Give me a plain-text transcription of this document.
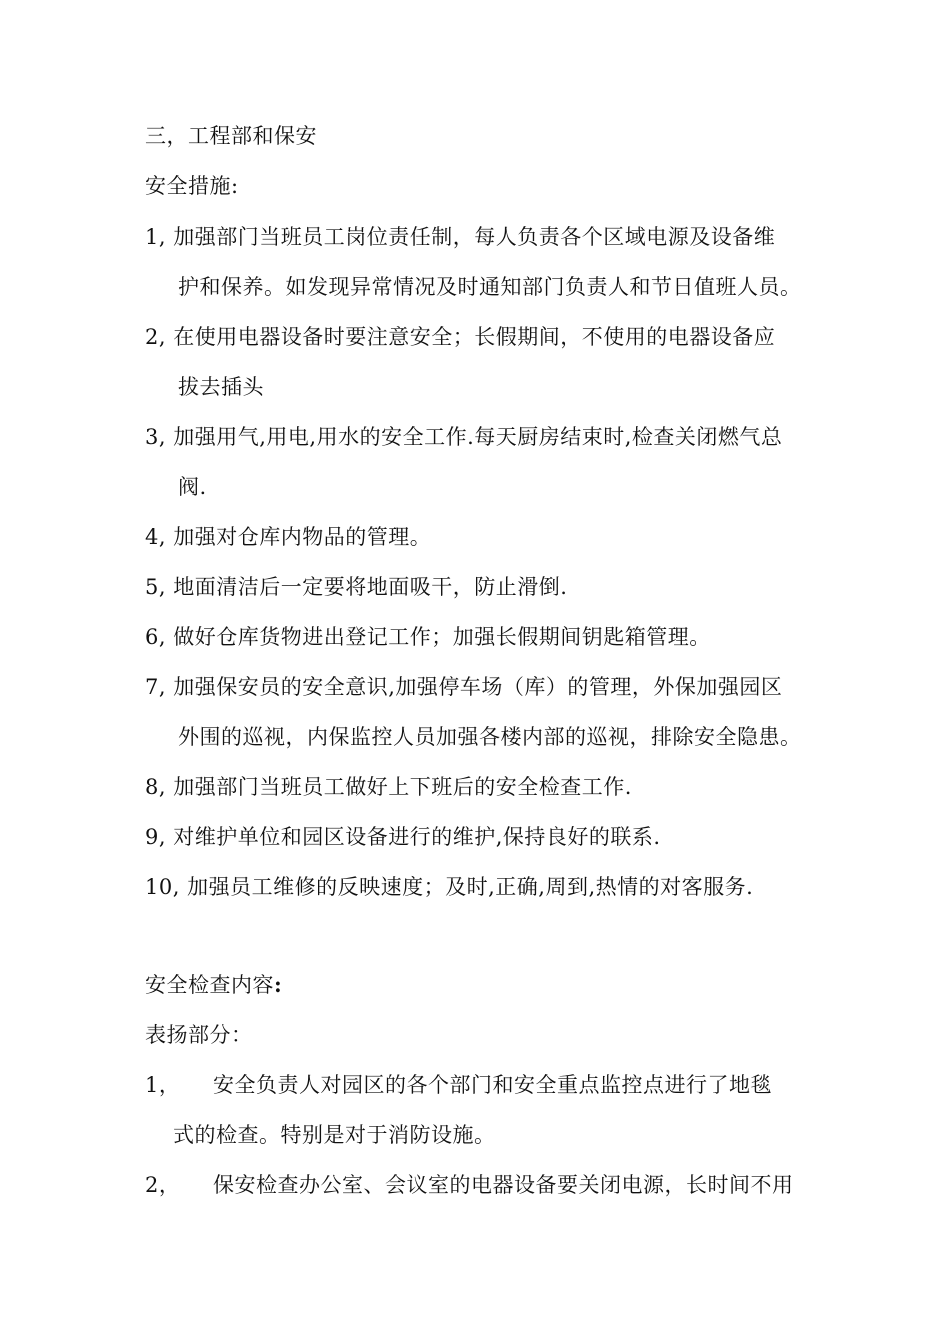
三，工程部和保安
安全措施:
1, 加强部门当班员工岗位责任制，每人负责各个区域电源及设备维
护和保养。如发现异常情况及时通知部门负责人和节日值班人员。
2, 在使用电器设备时要注意安全；长假期间，不使用的电器设备应
拔去插头
3, 加强用气,用电,用水的安全工作.每天厨房结束时,检查关闭燃气总
阀.
4, 加强对仓库内物品的管理。
5, 地面清洁后一定要将地面吸干，防止滑倒.
6, 做好仓库货物进出登记工作；加强长假期间钥匙箱管理。
7, 加强保安员的安全意识,加强停车场（库）的管理，外保加强园区
外围的巡视，内保监控人员加强各楼内部的巡视，排除安全隐患。
8, 加强部门当班员工做好上下班后的安全检查工作.
9, 对维护单位和园区设备进行的维护,保持良好的联系.
10, 加强员工维修的反映速度；及时,正确,周到,热情的对客服务.
安全检查内容:
表扬部分：
1， 安全负责人对园区的各个部门和安全重点监控点进行了地毯
式的检查。特别是对于消防设施。
2， 保安检查办公室、会议室的电器设备要关闭电源，长时间不用
